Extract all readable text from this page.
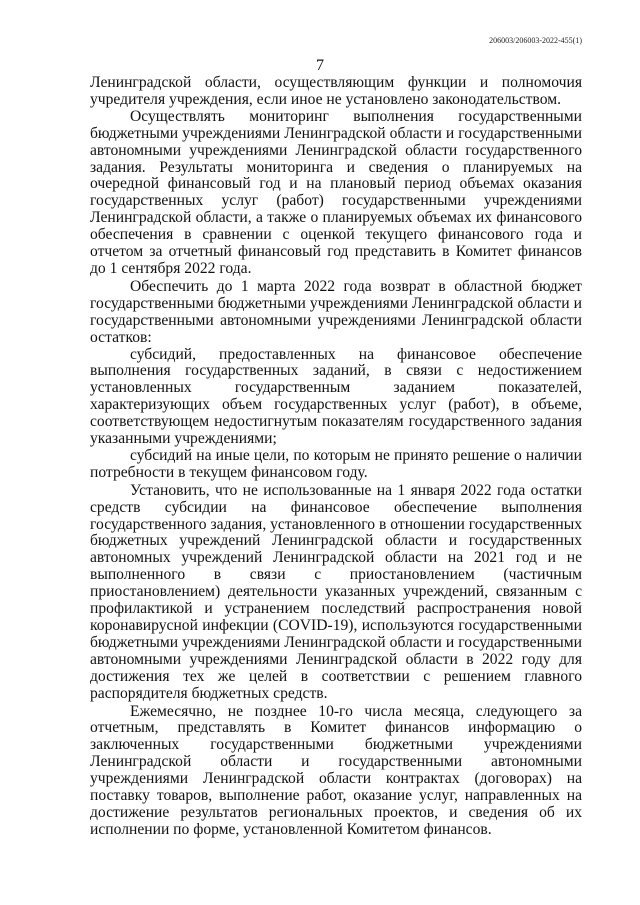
206003/206003-2022-455(1)
7

Ленинградской области, осуществляющим функции и полномочия учредителя учреждения, если иное не установлено законодательством.

Осуществлять мониторинг выполнения государственными бюджетными учреждениями Ленинградской области и государственными автономными учреждениями Ленинградской области государственного задания. Результаты мониторинга и сведения о планируемых на очередной финансовый год и на плановый период объемах оказания государственных услуг (работ) государственными учреждениями Ленинградской области, а также о планируемых объемах их финансового обеспечения в сравнении с оценкой текущего финансового года и отчетом за отчетный финансовый год представить в Комитет финансов до 1 сентября 2022 года.

Обеспечить до 1 марта 2022 года возврат в областной бюджет государственными бюджетными учреждениями Ленинградской области и государственными автономными учреждениями Ленинградской области остатков:

субсидий, предоставленных на финансовое обеспечение выполнения государственных заданий, в связи с недостижением установленных государственным заданием показателей, характеризующих объем государственных услуг (работ), в объеме, соответствующем недостигнутым показателям государственного задания указанными учреждениями;

субсидий на иные цели, по которым не принято решение о наличии потребности в текущем финансовом году.

Установить, что не использованные на 1 января 2022 года остатки средств субсидии на финансовое обеспечение выполнения государственного задания, установленного в отношении государственных бюджетных учреждений Ленинградской области и государственных автономных учреждений Ленинградской области на 2021 год и не выполненного в связи с приостановлением (частичным приостановлением) деятельности указанных учреждений, связанным с профилактикой и устранением последствий распространения новой коронавирусной инфекции (COVID-19), используются государственными бюджетными учреждениями Ленинградской области и государственными автономными учреждениями Ленинградской области в 2022 году для достижения тех же целей в соответствии с решением главного распорядителя бюджетных средств.

Ежемесячно, не позднее 10-го числа месяца, следующего за отчетным, представлять в Комитет финансов информацию о заключенных государственными бюджетными учреждениями Ленинградской области и государственными автономными учреждениями Ленинградской области контрактах (договорах) на поставку товаров, выполнение работ, оказание услуг, направленных на достижение результатов региональных проектов, и сведения об их исполнении по форме, установленной Комитетом финансов.
